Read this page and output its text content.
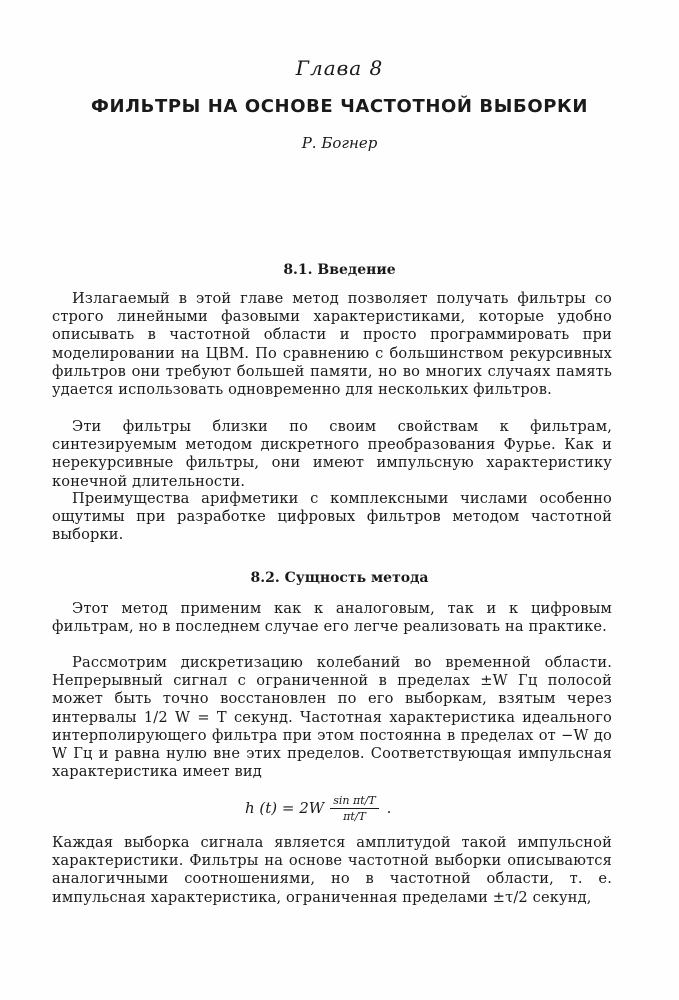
Глава 8
ФИЛЬТРЫ НА ОСНОВЕ ЧАСТОТНОЙ ВЫБОРКИ
Р. Богнер
8.1. Введение

Излагаемый в этой главе метод позволяет получать фильтры со строго линейными фазовыми характеристиками, которые удобно описывать в частотной области и просто программировать при моделировании на ЦВМ. По сравнению с большинством рекурсивных фильтров они требуют большей памяти, но во многих случаях память удается использовать одновременно для нескольких фильтров.

Эти фильтры близки по своим свойствам к фильтрам, синтезируемым методом дискретного преобразования Фурье. Как и нерекурсивные фильтры, они имеют импульсную характеристику конечной длительности.

Преимущества арифметики с комплексными числами особенно ощутимы при разработке цифровых фильтров методом частотной выборки.

8.2. Сущность метода

Этот метод применим как к аналоговым, так и к цифровым фильтрам, но в последнем случае его легче реализовать на практике.

Рассмотрим дискретизацию колебаний во временной области. Непрерывный сигнал с ограниченной в пределах ±W Гц полосой может быть точно восстановлен по его выборкам, взятым через интервалы 1/2 W = T секунд. Частотная характеристика идеального интерполирующего фильтра при этом постоянна в пределах от −W до W Гц и равна нулю вне этих пределов. Соответствующая импульсная характеристика имеет вид

h $(t) = 2W \frac{\text{sin πt/T}}{\pi t/T}$ .

Каждая выборка сигнала является амплитудой такой импульсной характеристики. Фильтры на основе частотной выборки описываются аналогичными соотношениями, но в частотной области, т. е. импульсная характеристика, ограниченная пределами ±τ/2 секунд,
